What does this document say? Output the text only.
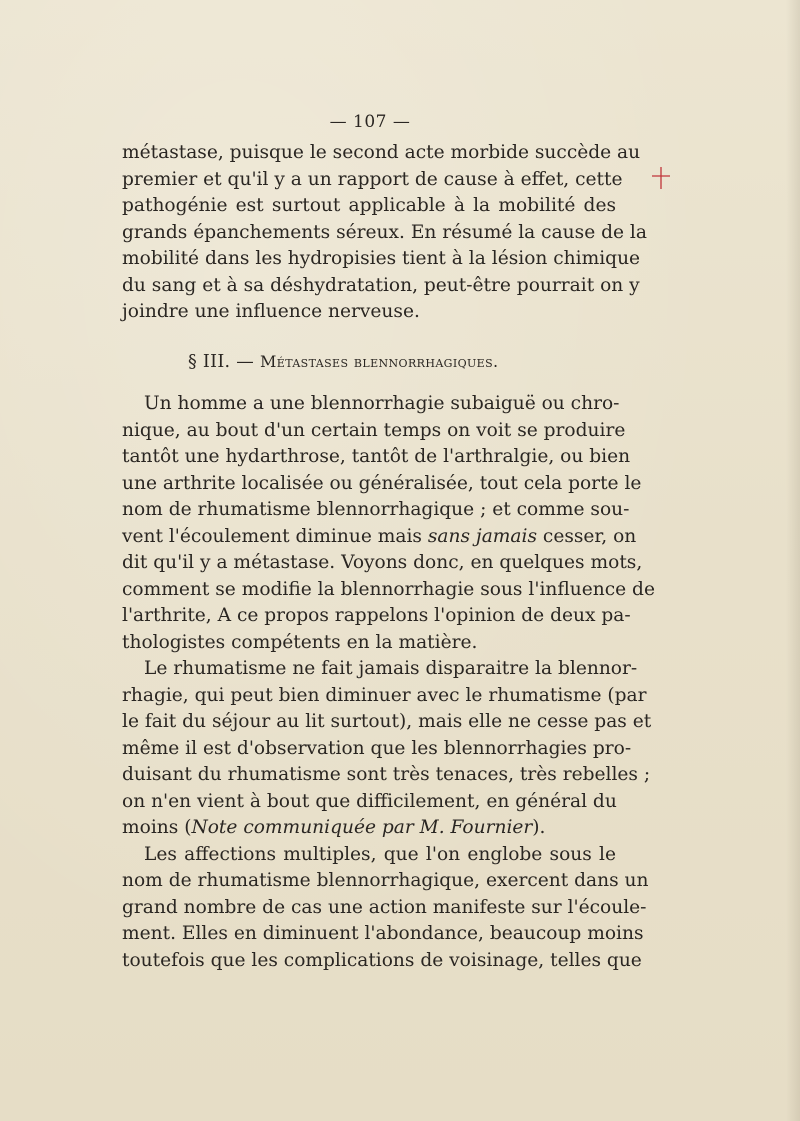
— 107 —

métastase, puisque le second acte morbide succède au
premier et qu'il y a un rapport de cause à effet, cette
pathogénie est surtout applicable à la mobilité des
grands épanchements séreux. En résumé la cause de la
mobilité dans les hydropisies tient à la lésion chimique
du sang et à sa déshydratation, peut-être pourrait on y
joindre une influence nerveuse.

§ III. — Métastases blennorrhagiques.

Un homme a une blennorrhagie subaiguë ou chro-
nique, au bout d'un certain temps on voit se produire
tantôt une hydarthrose, tantôt de l'arthralgie, ou bien
une arthrite localisée ou généralisée, tout cela porte le
nom de rhumatisme blennorrhagique ; et comme sou-
vent l'écoulement diminue mais sans jamais cesser, on
dit qu'il y a métastase. Voyons donc, en quelques mots,
comment se modifie la blennorrhagie sous l'influence de
l'arthrite, A ce propos rappelons l'opinion de deux pa-
thologistes compétents en la matière.

Le rhumatisme ne fait jamais disparaitre la blennor-
rhagie, qui peut bien diminuer avec le rhumatisme (par
le fait du séjour au lit surtout), mais elle ne cesse pas et
même il est d'observation que les blennorrhagies pro-
duisant du rhumatisme sont très tenaces, très rebelles ;
on n'en vient à bout que difficilement, en général du
moins (Note communiquée par M. Fournier).

Les affections multiples, que l'on englobe sous le
nom de rhumatisme blennorrhagique, exercent dans un
grand nombre de cas une action manifeste sur l'écoule-
ment. Elles en diminuent l'abondance, beaucoup moins
toutefois que les complications de voisinage, telles que
